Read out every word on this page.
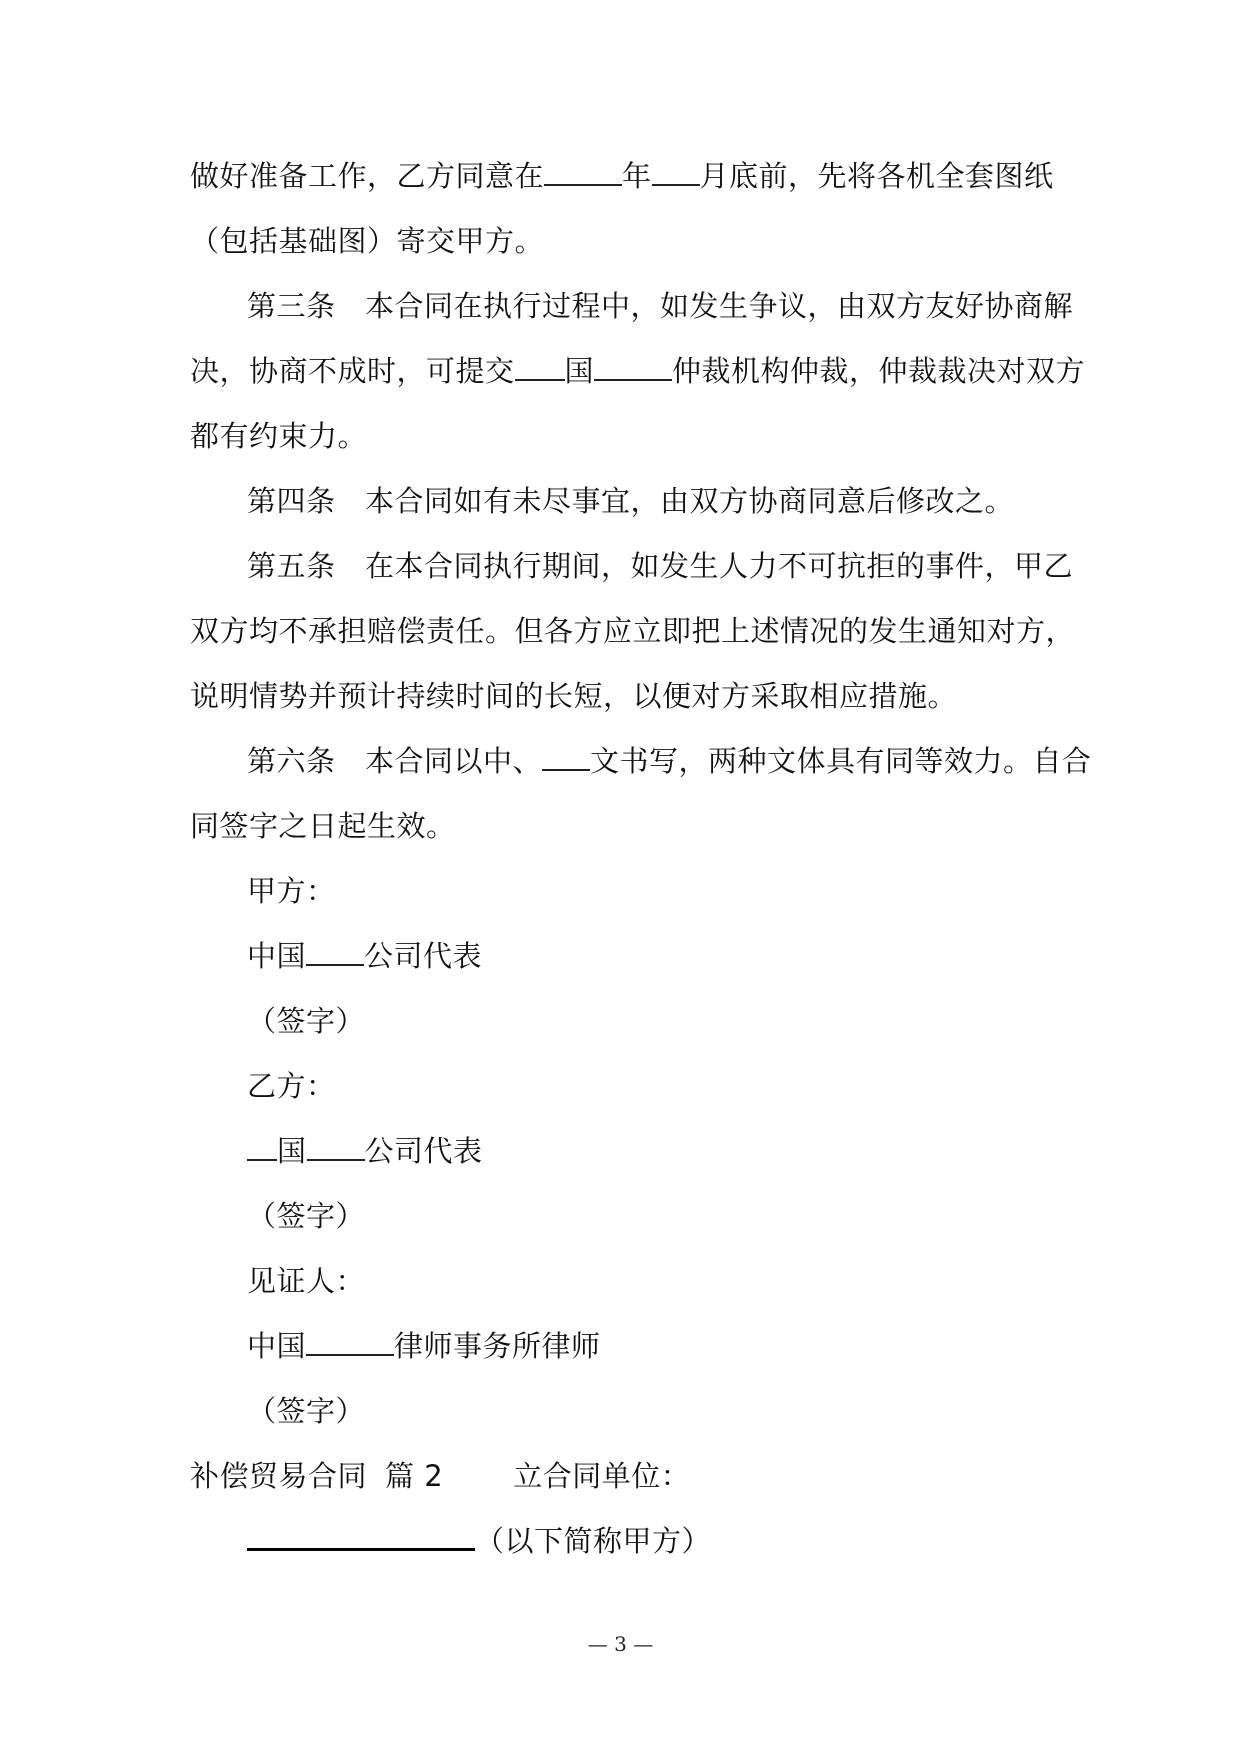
做好准备工作，乙方同意在	年 月底前，先将各机全套图纸
（包括基础图）寄交甲方。
第三条　本合同在执行过程中，如发生争议，由双方友好协商解
决，协商不成时，可提交 国	仲裁机构仲裁，仲裁裁决对双方
都有约束力。
第四条　本合同如有未尽事宜，由双方协商同意后修改之。
第五条　在本合同执行期间，如发生人力不可抗拒的事件，甲乙
双方均不承担赔偿责任。但各方应立即把上述情况的发生通知对方，
说明情势并预计持续时间的长短，以便对方采取相应措施。
第六条　本合同以中、 文书写，两种文体具有同等效力。自合
同签字之日起生效。
甲方：
中国 公司代表
（签字）
乙方：
国 公司代表
（签字）
见证人：
中国	律师事务所律师
（签字）
补偿贸易合同 篇 2 立合同单位：
（以下简称甲方）
— 3 —
